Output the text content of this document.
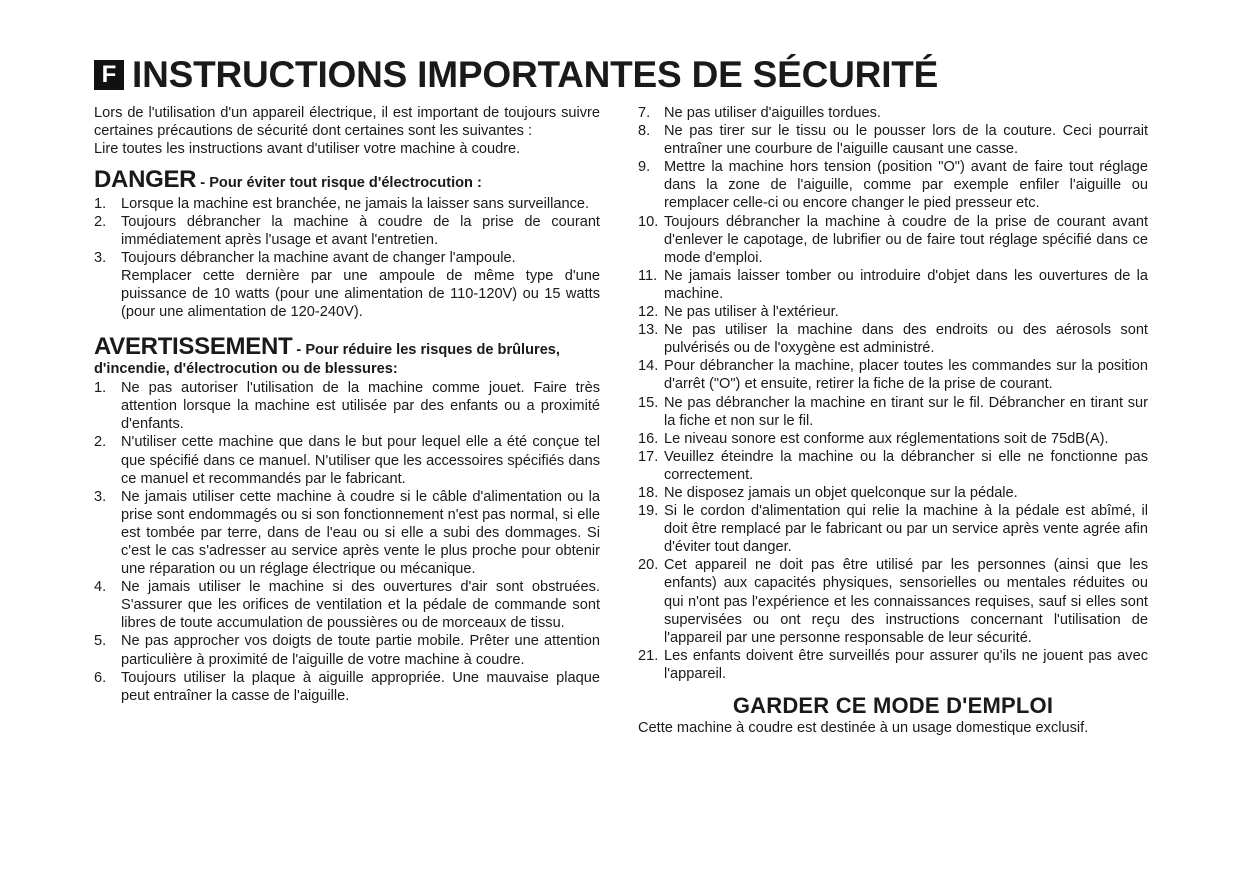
F INSTRUCTIONS IMPORTANTES DE SÉCURITÉ

Lors de l'utilisation d'un appareil électrique, il est important de toujours suivre certaines précautions de sécurité dont certaines sont les suivantes :

Lire toutes les instructions avant d'utiliser votre machine à coudre.

DANGER - Pour éviter tout risque d'électrocution :
1.	Lorsque la machine est branchée, ne jamais la laisser sans surveillance.
2.	Toujours débrancher la machine à coudre de la prise de courant immédiatement après l'usage et avant l'entretien.
3.	Toujours débrancher la machine avant de changer l'ampoule.
Remplacer cette dernière par une ampoule de même type d'une puissance de 10 watts (pour une alimentation de 110-120V) ou 15 watts (pour une alimentation de 120-240V).
AVERTISSEMENT - Pour réduire les risques de brûlures, d'incendie, d'électrocution ou de blessures:
1.	Ne pas autoriser l'utilisation de la machine comme jouet. Faire très attention lorsque la machine est utilisée par des enfants ou a proximité d'enfants.
2.	N'utiliser cette machine que dans le but pour lequel elle a été conçue tel que spécifié dans ce manuel. N'utiliser que les accessoires spécifiés dans ce manuel et recommandés par le fabricant.
3.	Ne jamais utiliser cette machine à coudre si le câble d'alimentation ou la prise sont endommagés ou si son fonctionnement n'est pas normal, si elle est tombée par terre, dans de l'eau ou si elle a subi des dommages. Si c'est le cas s'adresser au service après vente le plus proche pour obtenir une réparation ou un réglage électrique ou mécanique.
4.	Ne jamais utiliser le machine si des ouvertures d'air sont obstruées. S'assurer que les orifices de ventilation et la pédale de commande sont libres de toute accumulation de poussières ou de morceaux de tissu.
5.	Ne pas approcher vos doigts de toute partie mobile. Prêter une attention particulière à proximité de l'aiguille de votre machine à coudre.
6.	Toujours utiliser la plaque à aiguille appropriée. Une mauvaise plaque peut entraîner la casse de l'aiguille.
7. Ne pas utiliser d'aiguilles tordues.
8. Ne pas tirer sur le tissu ou le pousser lors de la couture. Ceci pourrait entraîner une courbure de l'aiguille causant une casse.
9. Mettre la machine hors tension (position "O") avant de faire tout réglage dans la zone de l'aiguille, comme par exemple enfiler l'aiguille ou remplacer celle-ci ou encore changer le pied presseur etc.
10. Toujours débrancher la machine à coudre de la prise de courant avant d'enlever le capotage, de lubrifier ou de faire tout réglage spécifié dans ce mode d'emploi.
11. Ne jamais laisser tomber ou introduire d'objet dans les ouvertures de la machine.
12. Ne pas utiliser à l'extérieur.
13. Ne pas utiliser la machine dans des endroits ou des aérosols sont pulvérisés ou de l'oxygène est administré.
14. Pour débrancher la machine, placer toutes les commandes sur la position d'arrêt ("O") et ensuite, retirer la fiche de la prise de courant.
15. Ne pas débrancher la machine en tirant sur le fil. Débrancher en tirant sur la fiche et non sur le fil.
16. Le niveau sonore est conforme aux réglementations soit de 75dB(A).
17. Veuillez éteindre la machine ou la débrancher si elle ne fonctionne pas correctement.
18. Ne disposez jamais un objet quelconque sur la pédale.
19. Si le cordon d'alimentation qui relie la machine à la pédale est abîmé, il doit être remplacé par le fabricant ou par un service après vente agrée afin d'éviter tout danger.
20. Cet appareil ne doit pas être utilisé par les personnes (ainsi que les enfants) aux capacités physiques, sensorielles ou mentales réduites ou qui n'ont pas l'expérience et les connaissances requises, sauf si elles sont supervisées ou ont reçu des instructions concernant l'utilisation de l'appareil par une personne responsable de leur sécurité.
21. Les enfants doivent être surveillés pour assurer qu'ils ne jouent pas avec l'appareil.
GARDER CE MODE D'EMPLOI

Cette machine à coudre est destinée à un usage domestique exclusif.
